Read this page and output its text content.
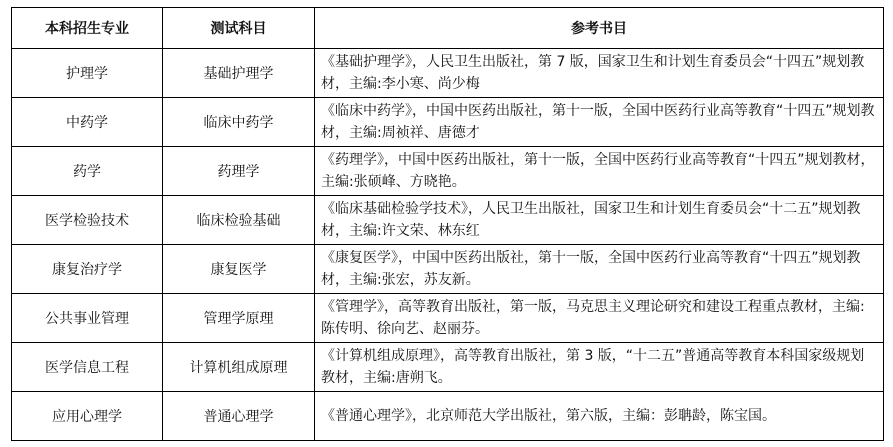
本科招生专业	测试科目	参考书目
护理学	基础护理学	《基础护理学》，人民卫生出版社，第 7 版，国家卫生和计划生育委员会“十四五”规划教材，主编:李小寒、尚少梅
中药学	临床中药学	《临床中药学》，中国中医药出版社，第十一版，全国中医药行业高等教育“十四五”规划教材，主编:周祯祥、唐德才
药学	药理学	《药理学》，中国中医药出版社，第十一版，全国中医药行业高等教育“十四五”规划教材，主编:张硕峰、方晓艳。
医学检验技术	临床检验基础	《临床基础检验学技术》，人民卫生出版社，国家卫生和计划生育委员会“十二五”规划教材，主编:许文荣、林东红
康复治疗学	康复医学	《康复医学》，中国中医药出版社，第十一版，全国中医药行业高等教育“十四五”规划教材，主编:张宏，苏友新。
公共事业管理	管理学原理	《管理学》，高等教育出版社，第一版，马克思主义理论研究和建设工程重点教材，主编:陈传明、徐向艺、赵丽芬。
医学信息工程	计算机组成原理	《计算机组成原理》，高等教育出版社，第 3 版，“十二五”普通高等教育本科国家级规划教材，主编:唐朔飞。
应用心理学	普通心理学	《普通心理学》，北京师范大学出版社，第六版，主编：彭聃龄，陈宝国。
